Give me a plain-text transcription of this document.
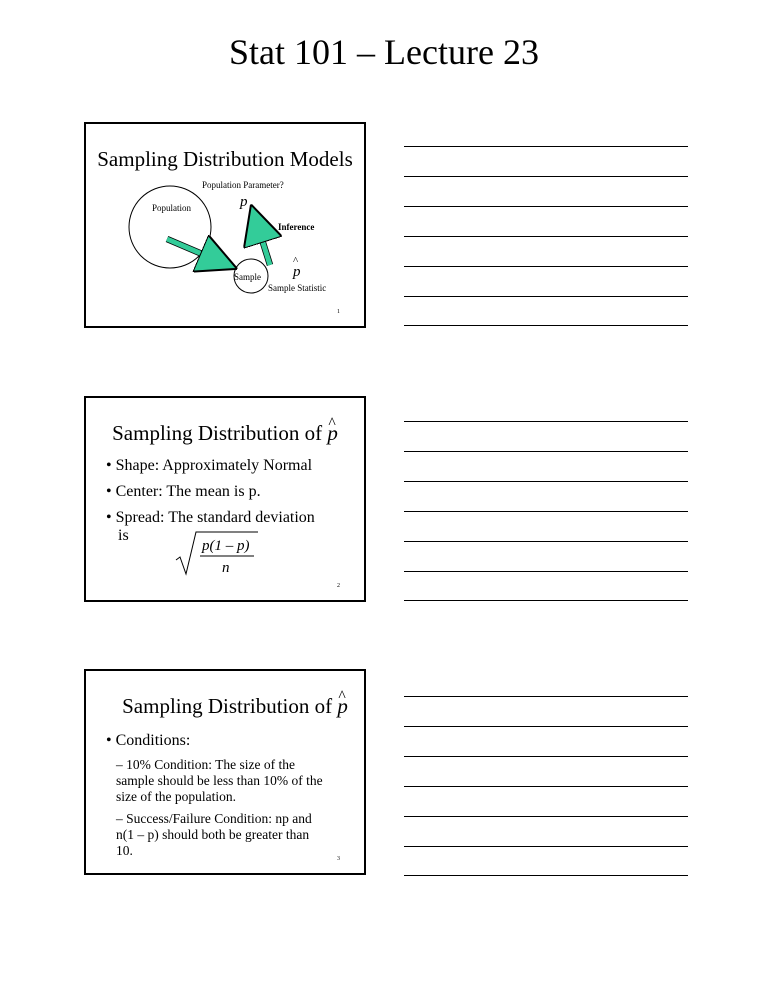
Stat 101 – Lecture 23
Sampling Distribution Models
Population
Population Parameter?
p
Inference
Sample p
^
Sample Statistic
1
Sampling Distribution of ^ p
• Shape: Approximately Normal
• Center: The mean is p.
• Spread: The standard deviation
is
p(1 – p)
n
2
Sampling Distribution of ^ p
• Conditions:
– 10% Condition: The size of the sample should be less than 10% of the size of the population.
– Success/Failure Condition: np and n(1 – p) should both be greater than 10.
3
